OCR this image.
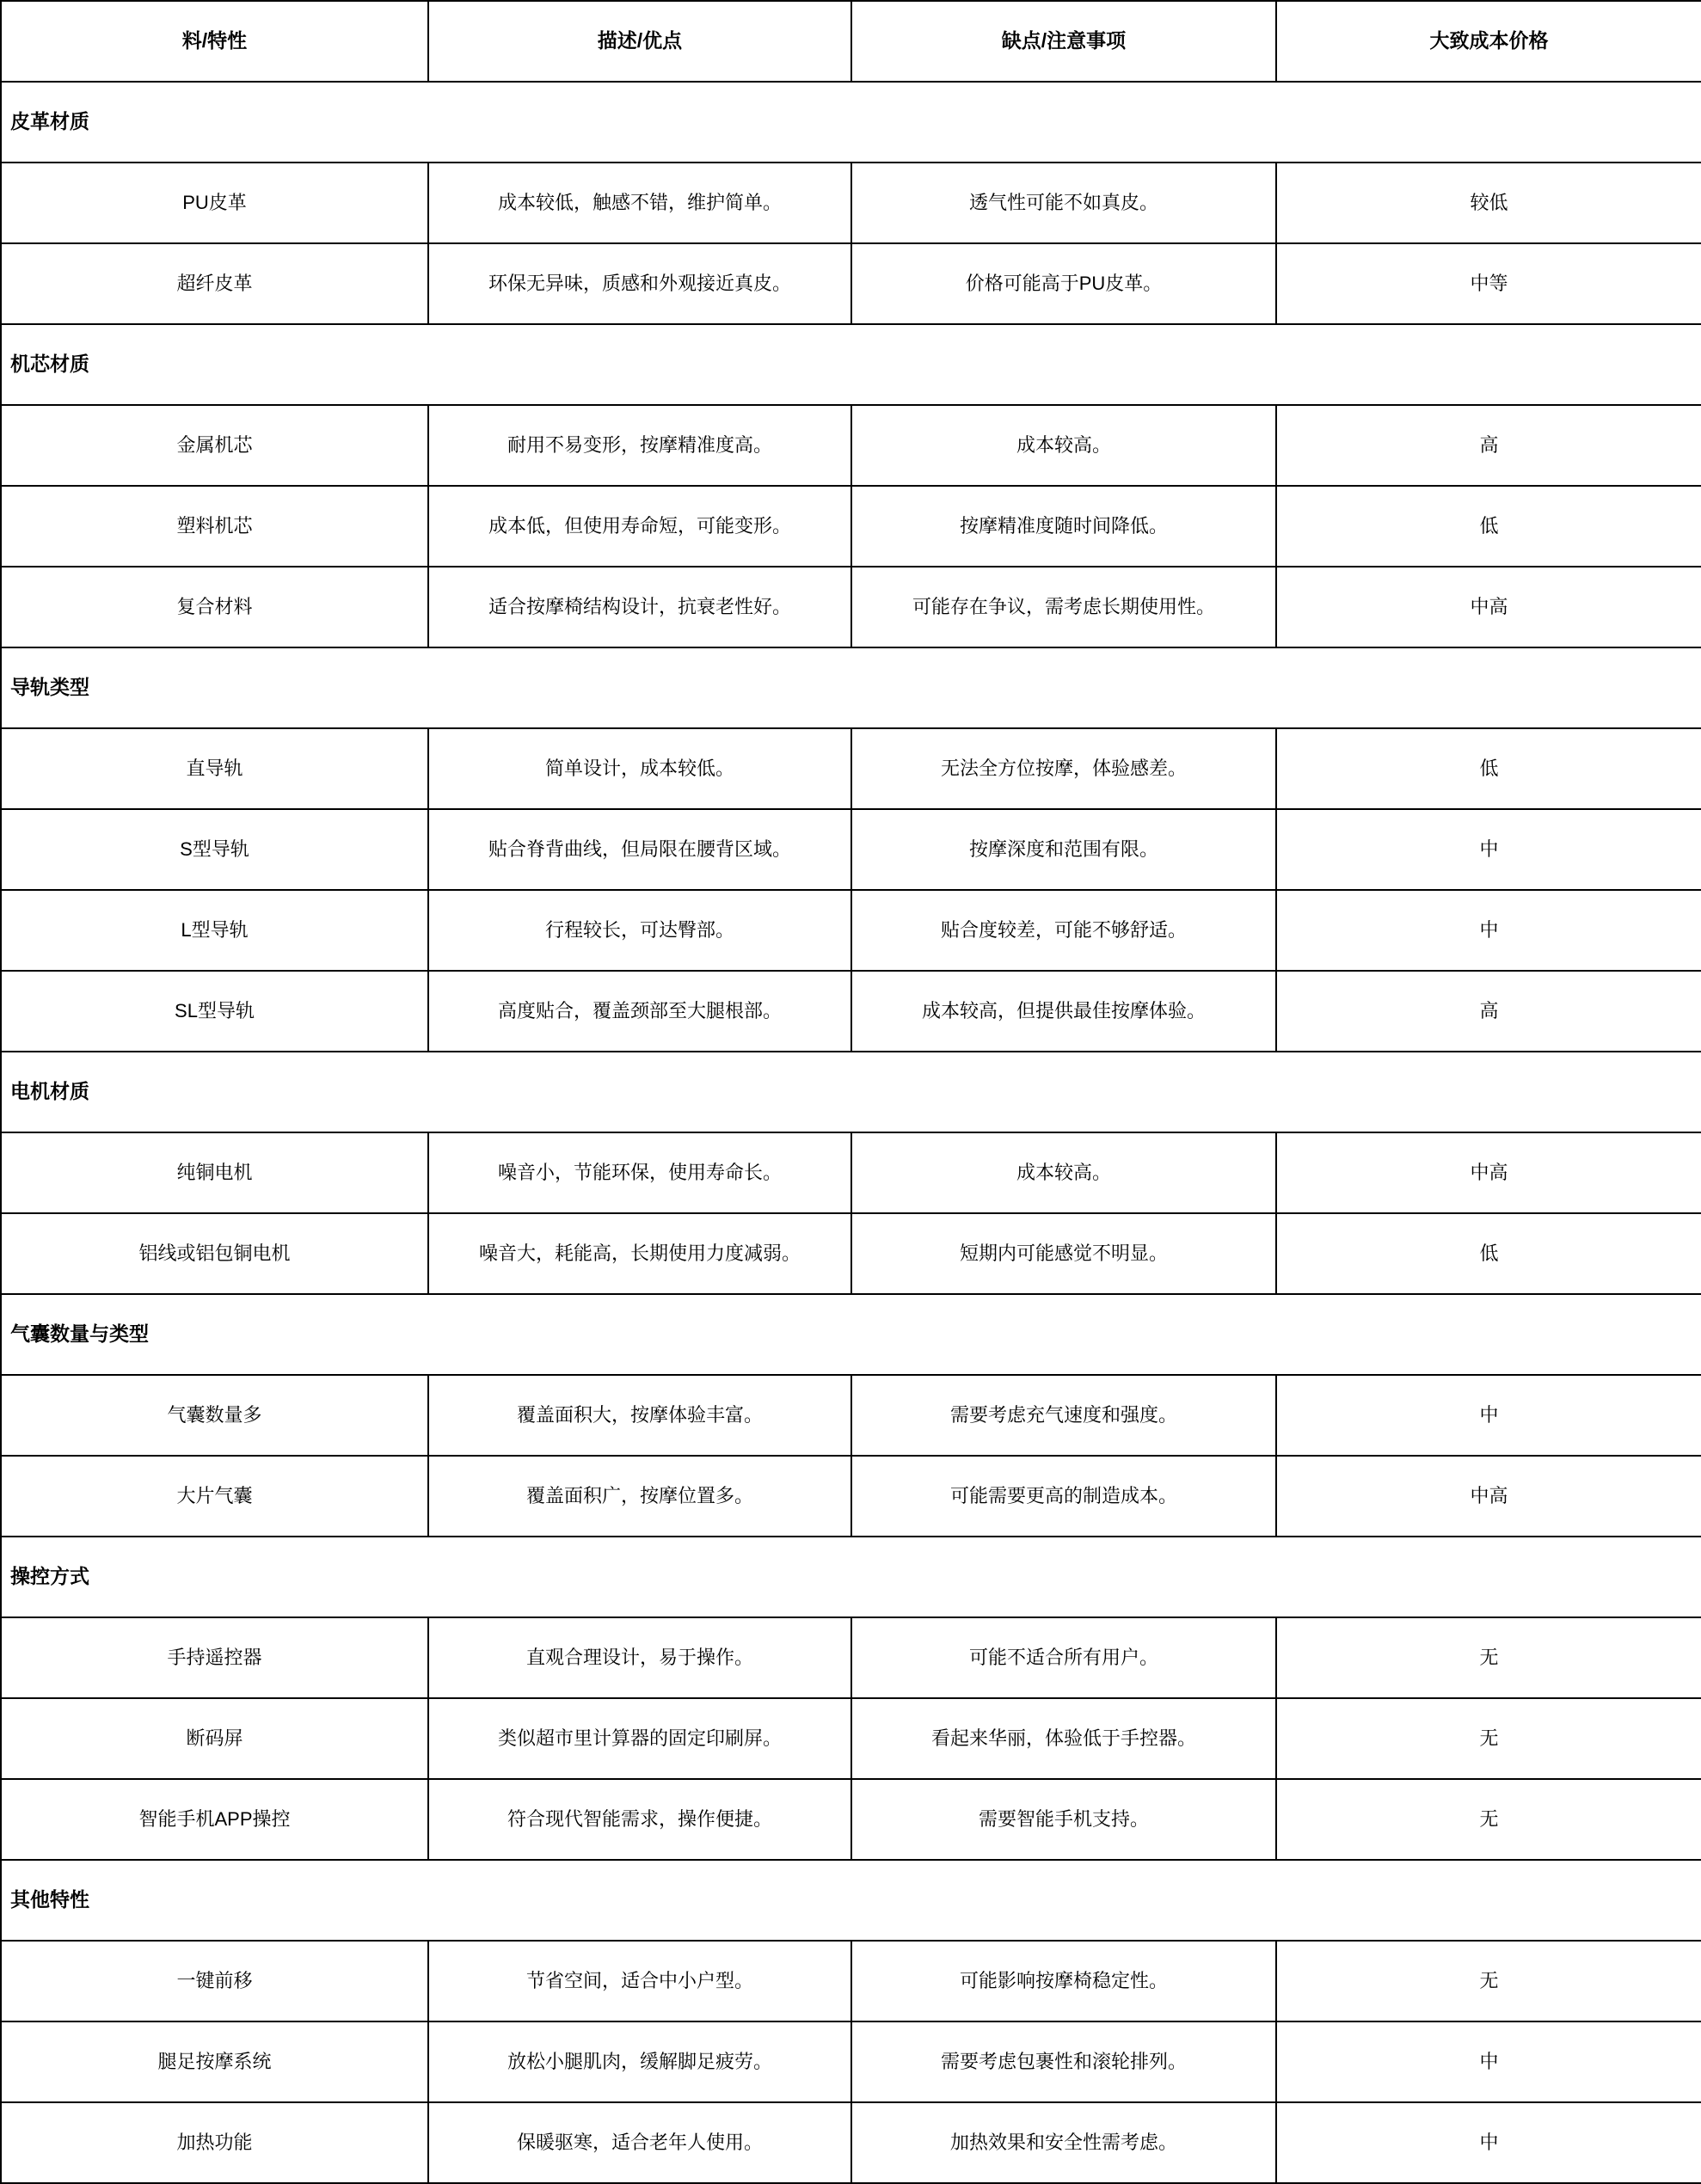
料/特性	描述/优点	缺点/注意事项	大致成本价格
皮革材质			
PU皮革	成本较低，触感不错，维护简单。	透气性可能不如真皮。	较低
超纤皮革	环保无异味，质感和外观接近真皮。	价格可能高于PU皮革。	中等
机芯材质			
金属机芯	耐用不易变形，按摩精准度高。	成本较高。	高
塑料机芯	成本低，但使用寿命短，可能变形。	按摩精准度随时间降低。	低
复合材料	适合按摩椅结构设计，抗衰老性好。	可能存在争议，需考虑长期使用性。	中高
导轨类型			
直导轨	简单设计，成本较低。	无法全方位按摩，体验感差。	低
S型导轨	贴合脊背曲线，但局限在腰背区域。	按摩深度和范围有限。	中
L型导轨	行程较长，可达臀部。	贴合度较差，可能不够舒适。	中
SL型导轨	高度贴合，覆盖颈部至大腿根部。	成本较高，但提供最佳按摩体验。	高
电机材质			
纯铜电机	噪音小，节能环保，使用寿命长。	成本较高。	中高
铝线或铝包铜电机	噪音大，耗能高，长期使用力度减弱。	短期内可能感觉不明显。	低
气囊数量与类型			
气囊数量多	覆盖面积大，按摩体验丰富。	需要考虑充气速度和强度。	中
大片气囊	覆盖面积广，按摩位置多。	可能需要更高的制造成本。	中高
操控方式			
手持遥控器	直观合理设计，易于操作。	可能不适合所有用户。	无
断码屏	类似超市里计算器的固定印刷屏。	看起来华丽，体验低于手控器。	无
智能手机APP操控	符合现代智能需求，操作便捷。	需要智能手机支持。	无
其他特性			
一键前移	节省空间，适合中小户型。	可能影响按摩椅稳定性。	无
腿足按摩系统	放松小腿肌肉，缓解脚足疲劳。	需要考虑包裹性和滚轮排列。	中
加热功能	保暖驱寒，适合老年人使用。	加热效果和安全性需考虑。	中
